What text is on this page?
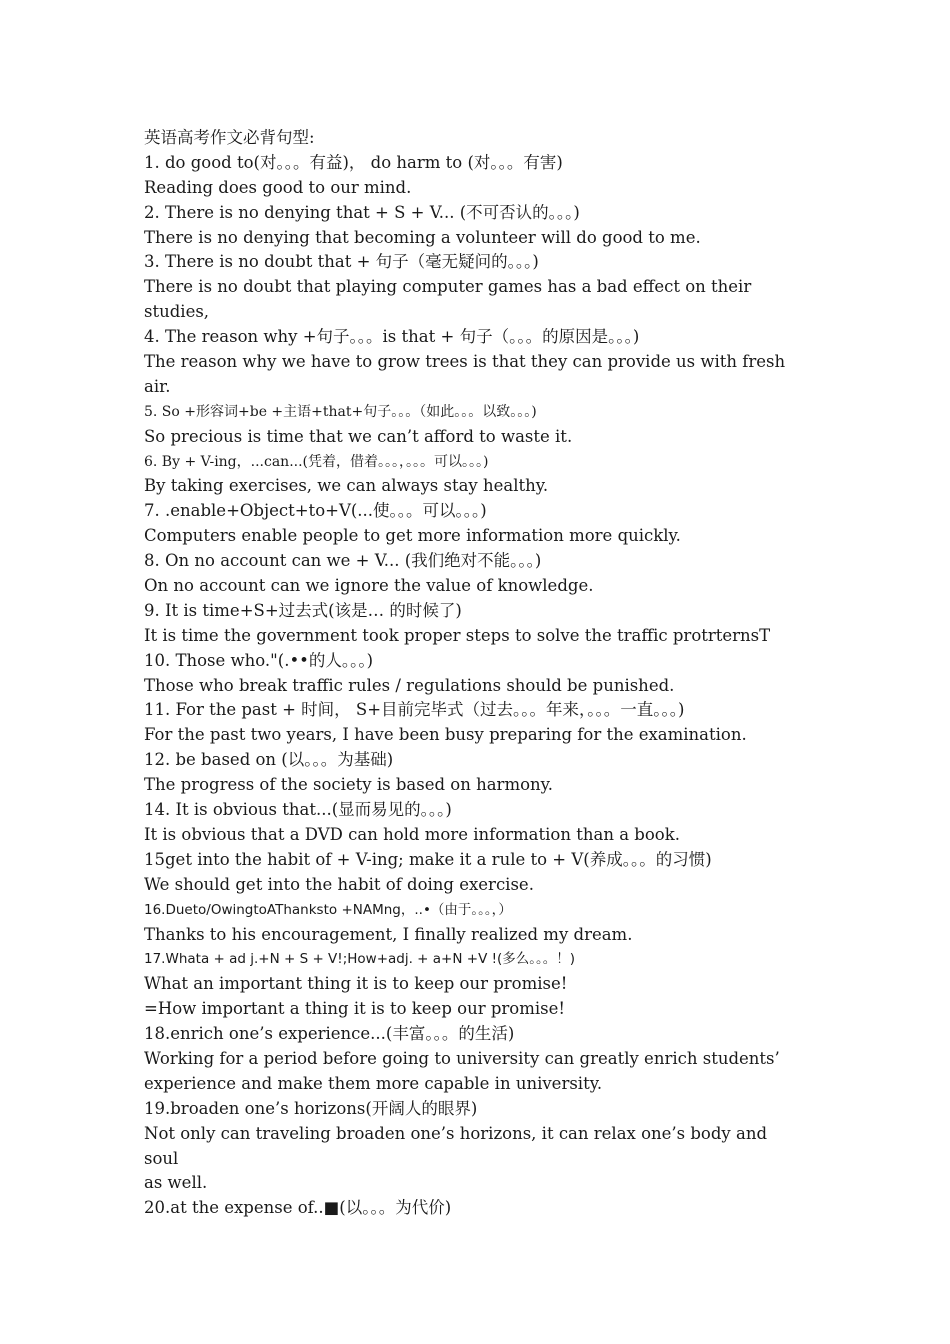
英语高考作文必背句型:
1. do good to(对。。。有益)， do harm to (对。。。有害)
Reading does good to our mind.
2. There is no denying that + S + V... (不可否认的。。。)
There is no denying that becoming a volunteer will do good to me.
3. There is no doubt that + 句子（毫无疑问的。。。)
There is no doubt that playing computer games has a bad effect on their
studies,
4. The reason why +句子。。。is that + 句子（。。。的原因是。。。)
The reason why we have to grow trees is that they can provide us with fresh
air.
5. So +形容词+be +主语+that+句子。。。（如此。。。以致。。。)
So precious is time that we can’t afford to waste it.
6. By + V-ing，...can...(凭着，借着。。。，。。。可以。。。)
By taking exercises, we can always stay healthy.
7. .enable+Object+to+V(...使。。。可以。。。)
Computers enable people to get more information more quickly.
8. On no account can we + V... (我们绝对不能。。。)
On no account can we ignore the value of knowledge.
9. It is time+S+过去式(该是… 的时候了)
It is time the government took proper steps to solve the traffic protrternsT
10. Those who."(.••的人。。。)
Those who break traffic rules / regulations should be punished.
11. For the past + 时间， S+目前完毕式（过去。。。年来，。。。一直。。。)
For the past two years, I have been busy preparing for the examination.
12. be based on (以。。。为基础)
The progress of the society is based on harmony.
14. It is obvious that...(显而易见的。。。)
It is obvious that a DVD can hold more information than a book.
15get into the habit of + V-ing; make it a rule to + V(养成。。。的习惯)
We should get into the habit of doing exercise.
16.Dueto/OwingtoAThanksto +NAMng，..•（由于。。。，）
Thanks to his encouragement, I finally realized my dream.
17.Whata + ad j.+N + S + V!;How+adj. + a+N +V !(多么。。。！)
What an important thing it is to keep our promise!
=How important a thing it is to keep our promise!
18.enrich one’s experience...(丰富。。。的生活)
Working for a period before going to university can greatly enrich students’
experience and make them more capable in university.
19.broaden one’s horizons(开阔人的眼界)
Not only can traveling broaden one’s horizons, it can relax one’s body and
soul
as well.
20.at the expense of..■(以。。。为代价)
